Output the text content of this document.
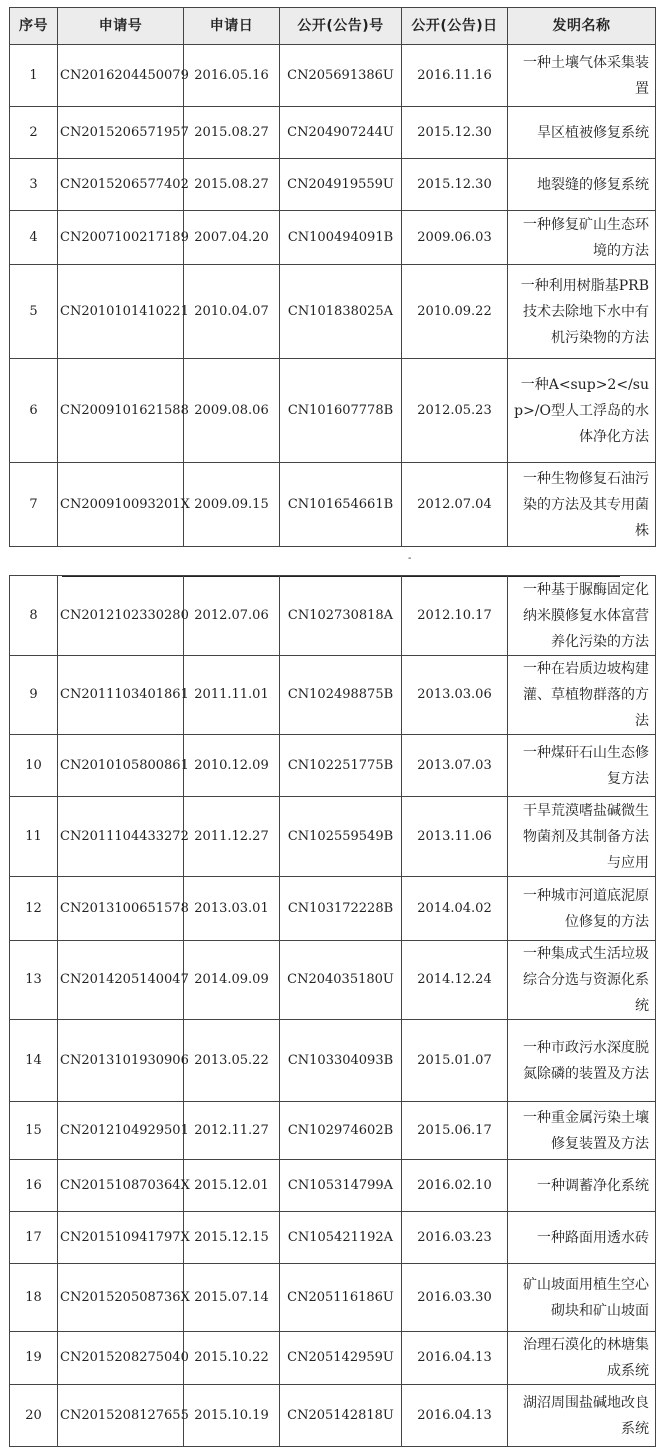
序号	申请号	申请日	公开(公告)号	公开(公告)日	发明名称
1	CN2016204450079	2016.05.16	CN205691386U	2016.11.16	一种土壤气体采集装置
2	CN2015206571957	2015.08.27	CN204907244U	2015.12.30	旱区植被修复系统
3	CN2015206577402	2015.08.27	CN204919559U	2015.12.30	地裂缝的修复系统
4	CN2007100217189	2007.04.20	CN100494091B	2009.06.03	一种修复矿山生态环境的方法
5	CN2010101410221	2010.04.07	CN101838025A	2010.09.22	一种利用树脂基PRB技术去除地下水中有机污染物的方法
6	CN2009101621588	2009.08.06	CN101607778B	2012.05.23	一种A<sup>2</sup>/O型人工浮岛的水体净化方法
7	CN200910093201X	2009.09.15	CN101654661B	2012.07.04	一种生物修复石油污染的方法及其专用菌株
-
8	CN2012102330280	2012.07.06	CN102730818A	2012.10.17	一种基于脲酶固定化纳米膜修复水体富营养化污染的方法
9	CN2011103401861	2011.11.01	CN102498875B	2013.03.06	一种在岩质边坡构建灌、草植物群落的方法
10	CN2010105800861	2010.12.09	CN102251775B	2013.07.03	一种煤矸石山生态修复方法
11	CN2011104433272	2011.12.27	CN102559549B	2013.11.06	干旱荒漠嗜盐碱微生物菌剂及其制备方法与应用
12	CN2013100651578	2013.03.01	CN103172228B	2014.04.02	一种城市河道底泥原位修复的方法
13	CN2014205140047	2014.09.09	CN204035180U	2014.12.24	一种集成式生活垃圾综合分选与资源化系统
14	CN2013101930906	2013.05.22	CN103304093B	2015.01.07	一种市政污水深度脱氮除磷的装置及方法
15	CN2012104929501	2012.11.27	CN102974602B	2015.06.17	一种重金属污染土壤修复装置及方法
16	CN201510870364X	2015.12.01	CN105314799A	2016.02.10	一种调蓄净化系统
17	CN201510941797X	2015.12.15	CN105421192A	2016.03.23	一种路面用透水砖
18	CN201520508736X	2015.07.14	CN205116186U	2016.03.30	矿山坡面用植生空心砌块和矿山坡面
19	CN2015208275040	2015.10.22	CN205142959U	2016.04.13	治理石漠化的林塘集成系统
20	CN2015208127655	2015.10.19	CN205142818U	2016.04.13	湖沼周围盐碱地改良系统
